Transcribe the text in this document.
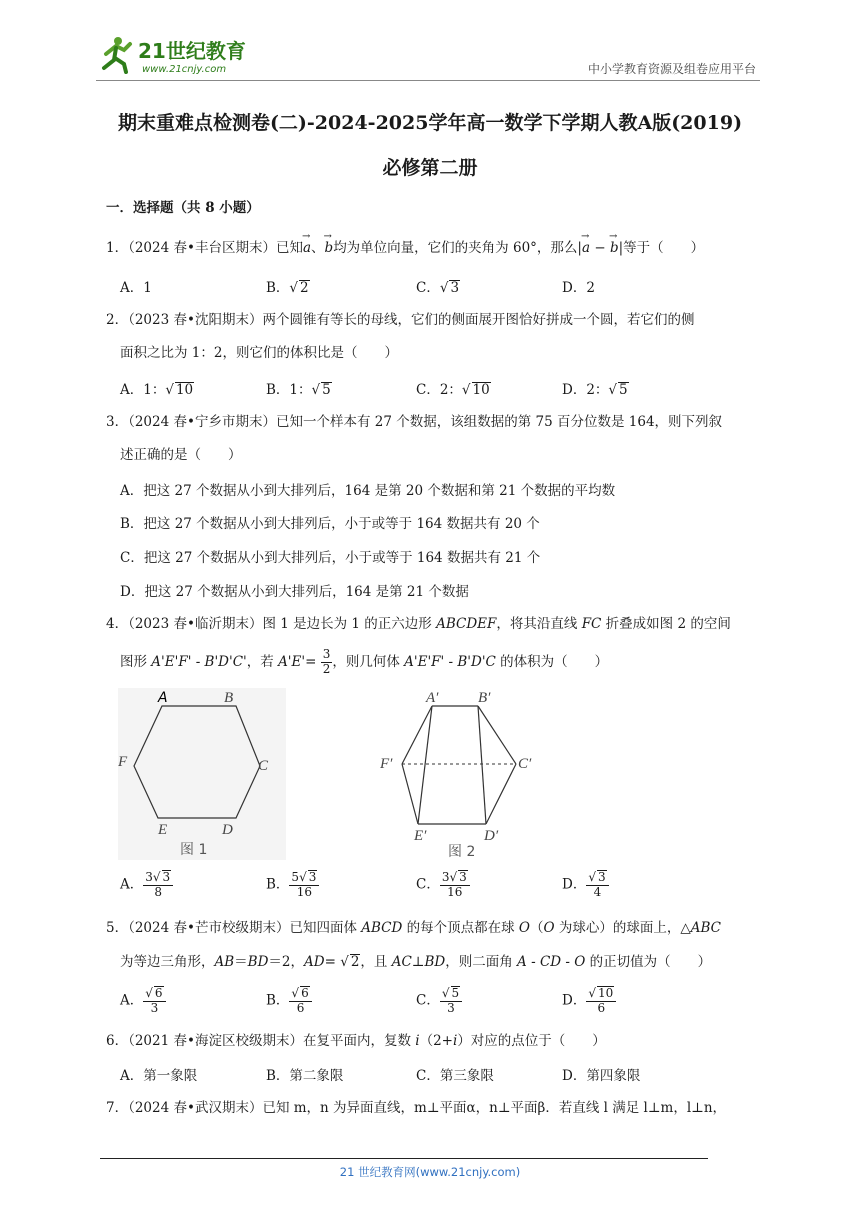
21世纪教育
www.21cnjy.com	中小学教育资源及组卷应用平台
期末重难点检测卷(二)-2024-2025学年高一数学下学期人教A版(2019)
必修第二册
一．选择题（共 8 小题）
1．（2024 春•丰台区期末）已知→ a、→ b均为单位向量，它们的夹角为 60°，那么|→ a − → b|等于（　　）
A．1	B．√ 2	C．√ 3	D．2
2．（2023 春•沈阳期末）两个圆锥有等长的母线，它们的侧面展开图恰好拼成一个圆，若它们的侧
面积之比为 1：2，则它们的体积比是（　　）
A．1：√ 10	B．1：√ 5	C．2：√ 10	D．2：√ 5
3．（2024 春•宁乡市期末）已知一个样本有 27 个数据，该组数据的第 75 百分位数是 164，则下列叙
述正确的是（　　）
A．把这 27 个数据从小到大排列后，164 是第 20 个数据和第 21 个数据的平均数
B．把这 27 个数据从小到大排列后，小于或等于 164 数据共有 20 个
C．把这 27 个数据从小到大排列后，小于或等于 164 数据共有 21 个
D．把这 27 个数据从小到大排列后，164 是第 21 个数据
4．（2023 春•临沂期末）图 1 是边长为 1 的正六边形 ABCDEF，将其沿直线 FC 折叠成如图 2 的空间
图形 A'E'F' - B'D'C'，若 $A'E'= \frac{3}{2}$ ，则几何体 A'E'F' - B'D'C 的体积为（　　）
A	B
C
D
E
F
图 1
A′	B′
C′
D′
E′
F′
图 2
A． $\frac{3√ 3}{8}$	B． $\frac{5√ 3}{16}$	C． $\frac{3√ 3}{16}$	D． $\frac{√ 3}{4}$
5．（2024 春•芒市校级期末）已知四面体 ABCD 的每个顶点都在球 O（O 为球心）的球面上，△ABC
为等边三角形，AB＝BD＝2，AD= √ 2，且 AC⊥BD，则二面角 A - CD - O 的正切值为（　　）
A． $\frac{√ 6}{3}$	B． $\frac{√ 6}{6}$	C． $\frac{√ 5}{3}$	D． $\frac{√ 10}{6}$
6．（2021 春•海淀区校级期末）在复平面内，复数 i（2+i）对应的点位于（　　）
A．第一象限	B．第二象限	C．第三象限	D．第四象限
7．（2024 春•武汉期末）已知 m，n 为异面直线，m⊥平面α，n⊥平面β．若直线 l 满足 l⊥m，l⊥n，
21 世纪教育网(www.21cnjy.com)
